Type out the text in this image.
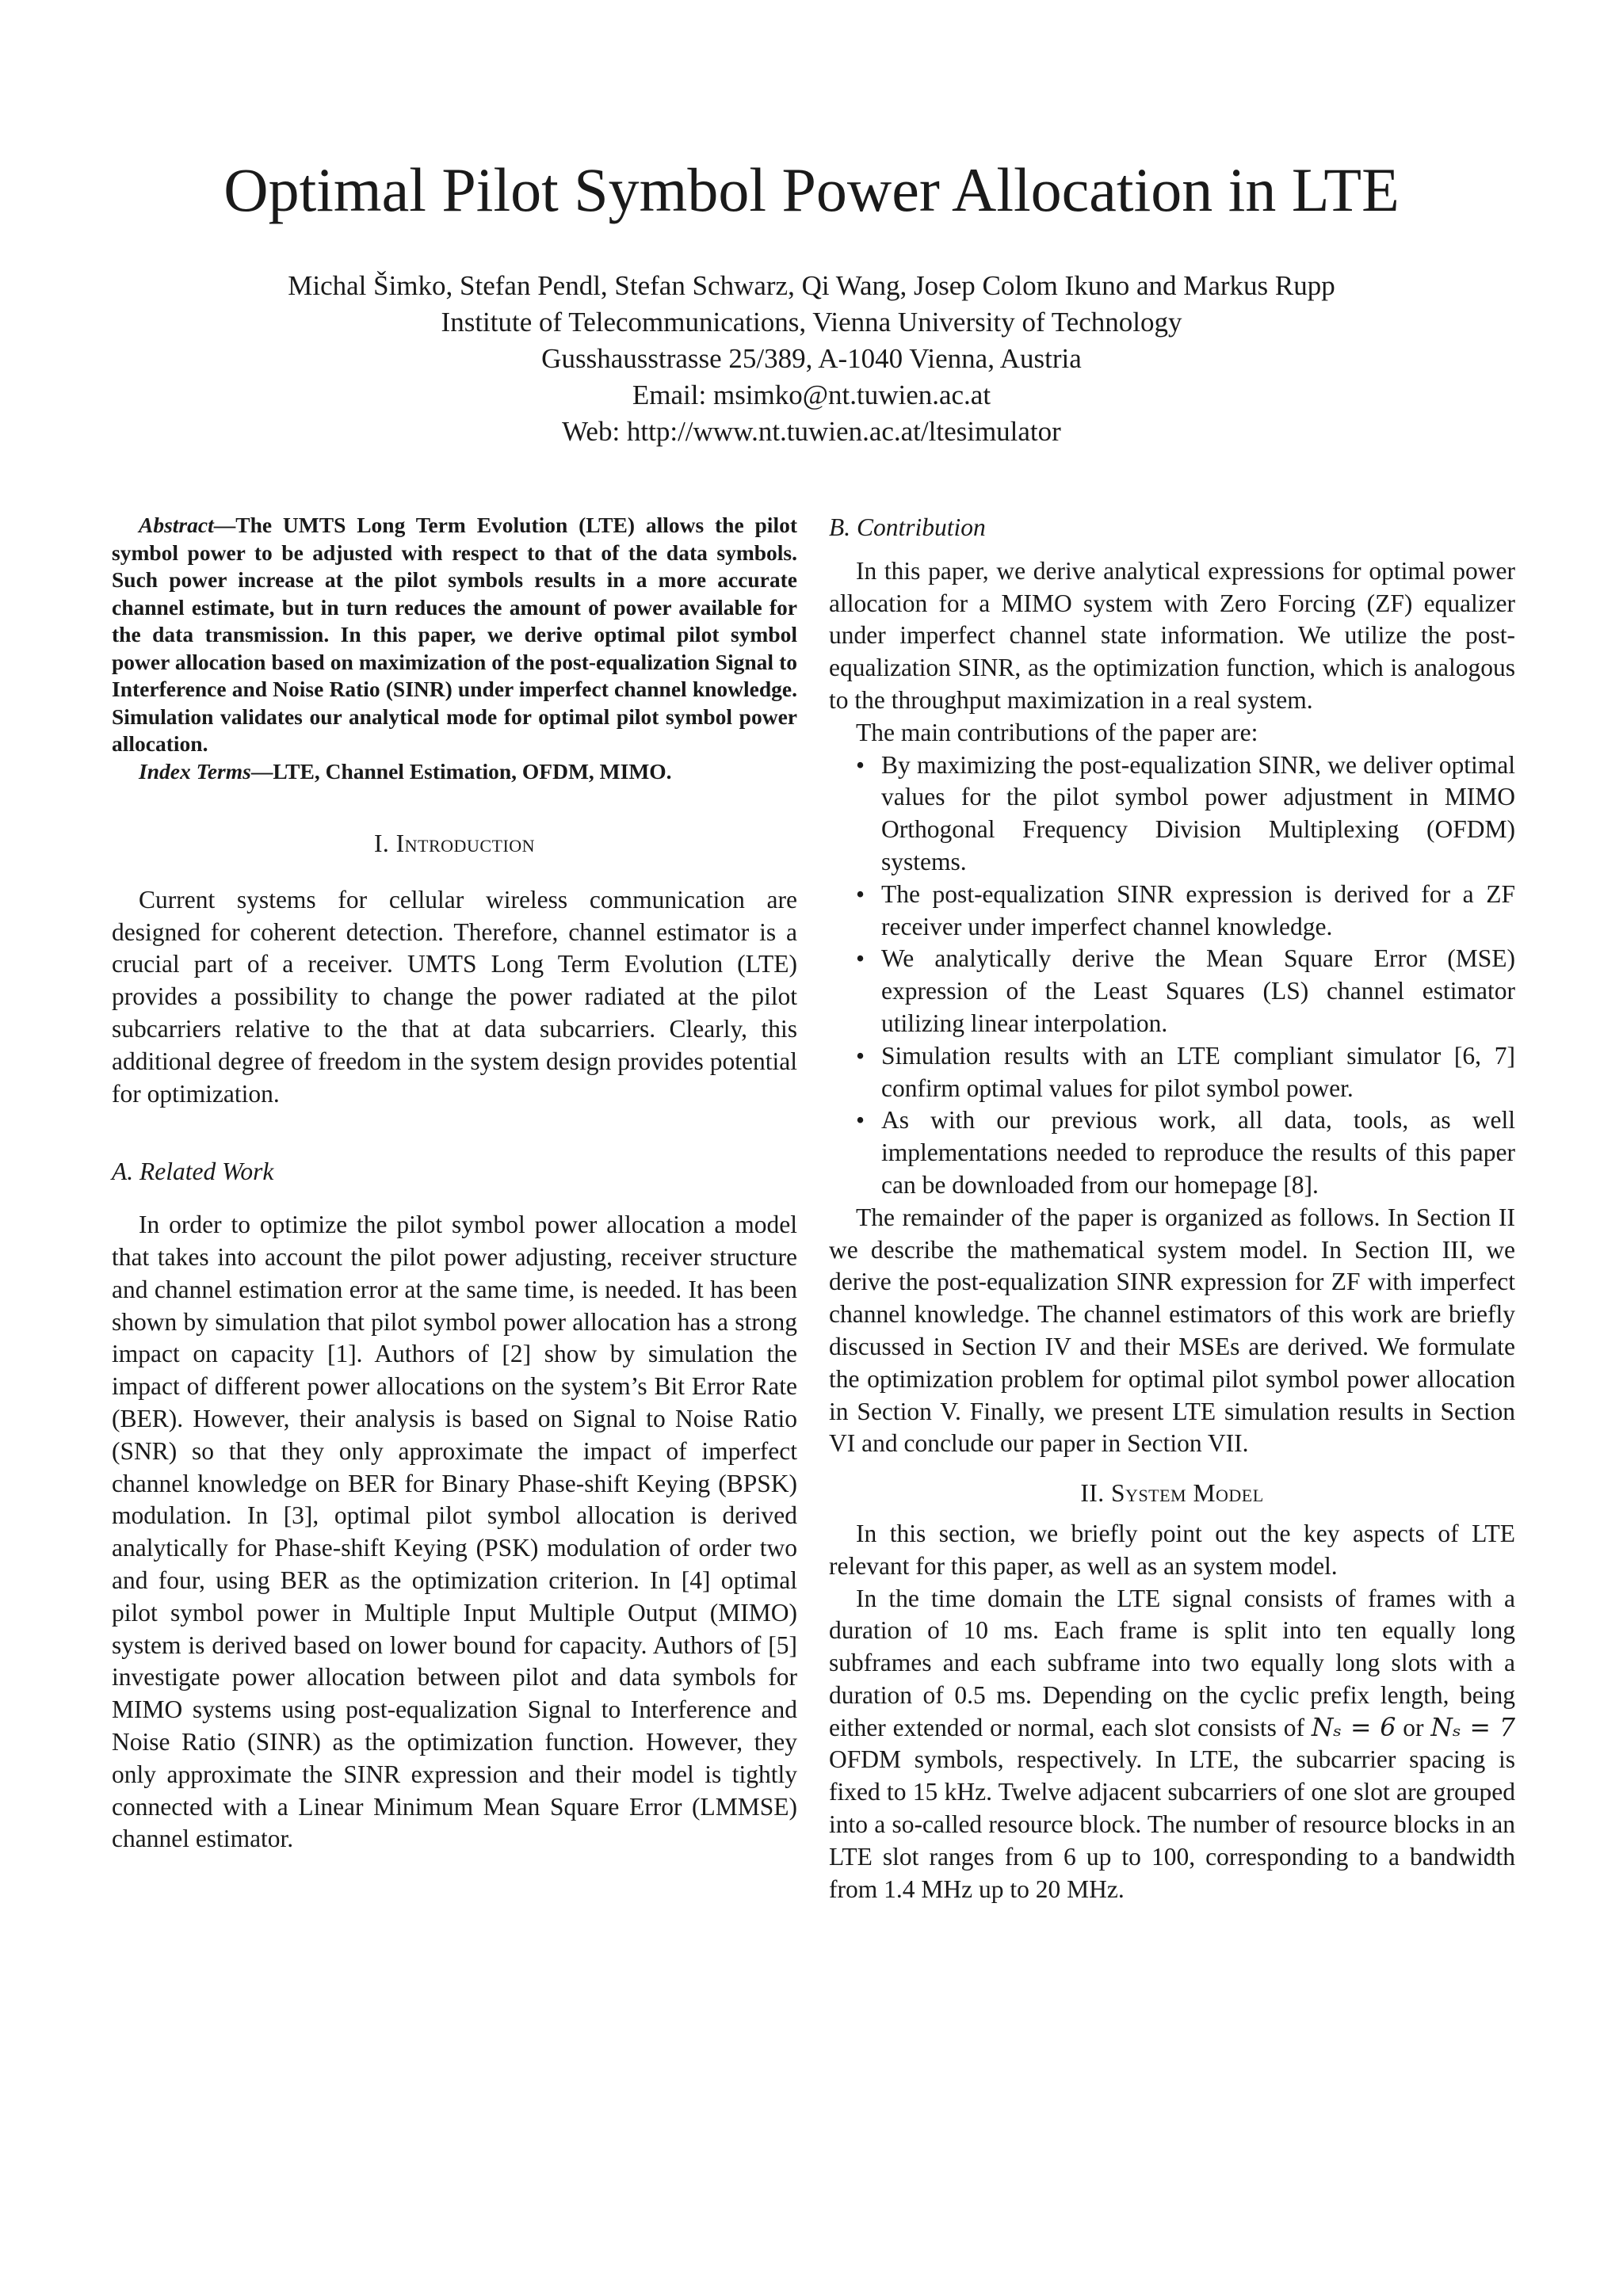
Optimal Pilot Symbol Power Allocation in LTE
Michal Šimko, Stefan Pendl, Stefan Schwarz, Qi Wang, Josep Colom Ikuno and Markus Rupp
Institute of Telecommunications, Vienna University of Technology
Gusshausstrasse 25/389, A-1040 Vienna, Austria
Email: msimko@nt.tuwien.ac.at
Web: http://www.nt.tuwien.ac.at/ltesimulator

Abstract—The UMTS Long Term Evolution (LTE) allows the pilot symbol power to be adjusted with respect to that of the data symbols. Such power increase at the pilot symbols results in a more accurate channel estimate, but in turn reduces the amount of power available for the data transmission. In this paper, we derive optimal pilot symbol power allocation based on maximization of the post-equalization Signal to Interference and Noise Ratio (SINR) under imperfect channel knowledge. Simulation validates our analytical mode for optimal pilot symbol power allocation.

Index Terms—LTE, Channel Estimation, OFDM, MIMO.

I. Introduction

Current systems for cellular wireless communication are designed for coherent detection. Therefore, channel estimator is a crucial part of a receiver. UMTS Long Term Evolution (LTE) provides a possibility to change the power radiated at the pilot subcarriers relative to the that at data subcarriers. Clearly, this additional degree of freedom in the system design provides potential for optimization.

A. Related Work

In order to optimize the pilot symbol power allocation a model that takes into account the pilot power adjusting, receiver structure and channel estimation error at the same time, is needed. It has been shown by simulation that pilot symbol power allocation has a strong impact on capacity [1]. Authors of [2] show by simulation the impact of different power allocations on the system’s Bit Error Rate (BER). However, their analysis is based on Signal to Noise Ratio (SNR) so that they only approximate the impact of imperfect channel knowledge on BER for Binary Phase-shift Keying (BPSK) modulation. In [3], optimal pilot symbol allocation is derived analytically for Phase-shift Keying (PSK) modulation of order two and four, using BER as the optimization criterion. In [4] optimal pilot symbol power in Multiple Input Multiple Output (MIMO) system is derived based on lower bound for capacity. Authors of [5] investigate power allocation between pilot and data symbols for MIMO systems using post-equalization Signal to Interference and Noise Ratio (SINR) as the optimization function. However, they only approximate the SINR expression and their model is tightly connected with a Linear Minimum Mean Square Error (LMMSE) channel estimator.

B. Contribution

In this paper, we derive analytical expressions for optimal power allocation for a MIMO system with Zero Forcing (ZF) equalizer under imperfect channel state information. We utilize the post-equalization SINR, as the optimization function, which is analogous to the throughput maximization in a real system.

The main contributions of the paper are:

• By maximizing the post-equalization SINR, we deliver optimal values for the pilot symbol power adjustment in MIMO Orthogonal Frequency Division Multiplexing (OFDM) systems.
• The post-equalization SINR expression is derived for a ZF receiver under imperfect channel knowledge.
• We analytically derive the Mean Square Error (MSE) expression of the Least Squares (LS) channel estimator utilizing linear interpolation.
• Simulation results with an LTE compliant simulator [6, 7] confirm optimal values for pilot symbol power.
• As with our previous work, all data, tools, as well implementations needed to reproduce the results of this paper can be downloaded from our homepage [8].

The remainder of the paper is organized as follows. In Section II we describe the mathematical system model. In Section III, we derive the post-equalization SINR expression for ZF with imperfect channel knowledge. The channel estimators of this work are briefly discussed in Section IV and their MSEs are derived. We formulate the optimization problem for optimal pilot symbol power allocation in Section V. Finally, we present LTE simulation results in Section VI and conclude our paper in Section VII.

II. System Model

In this section, we briefly point out the key aspects of LTE relevant for this paper, as well as an system model.

In the time domain the LTE signal consists of frames with a duration of 10 ms. Each frame is split into ten equally long subframes and each subframe into two equally long slots with a duration of 0.5 ms. Depending on the cyclic prefix length, being either extended or normal, each slot consists of Nₛ = 6 or Nₛ = 7 OFDM symbols, respectively. In LTE, the subcarrier spacing is fixed to 15 kHz. Twelve adjacent subcarriers of one slot are grouped into a so-called resource block. The number of resource blocks in an LTE slot ranges from 6 up to 100, corresponding to a bandwidth from 1.4 MHz up to 20 MHz.
